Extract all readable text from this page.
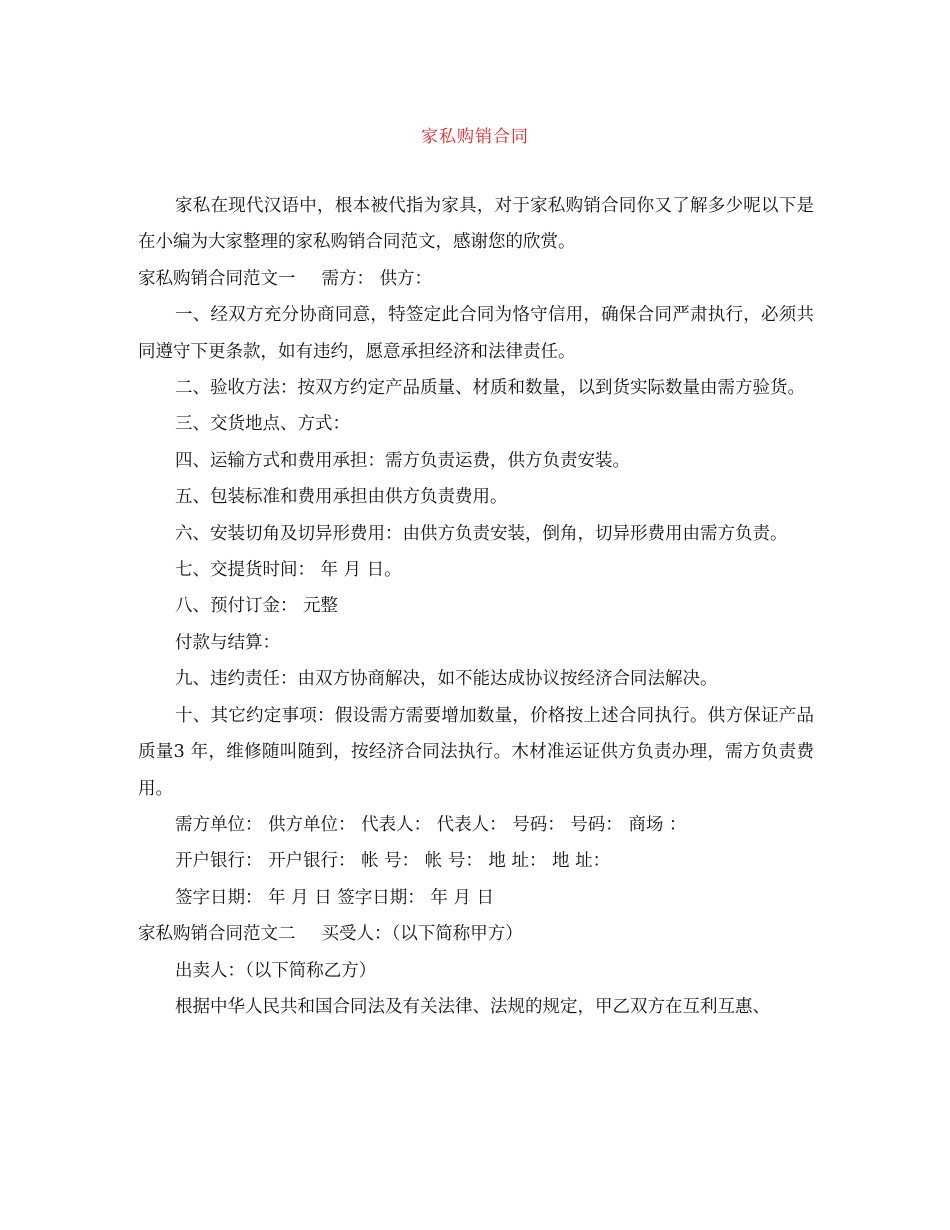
家私购销合同

家私在现代汉语中，根本被代指为家具，对于家私购销合同你又了解多少呢以下是在小编为大家整理的家私购销合同范文，感谢您的欣赏。

家私购销合同范文一 需方： 供方：

一、经双方充分协商同意，特签定此合同为恪守信用，确保合同严肃执行，必须共同遵守下更条款，如有违约，愿意承担经济和法律责任。

二、验收方法：按双方约定产品质量、材质和数量，以到货实际数量由需方验货。

三、交货地点、方式：

四、运输方式和费用承担：需方负责运费，供方负责安装。

五、包装标准和费用承担由供方负责费用。

六、安装切角及切异形费用：由供方负责安装，倒角，切异形费用由需方负责。

七、交提货时间： 年 月 日。

八、预付订金： 元整

付款与结算：

九、违约责任：由双方协商解决，如不能达成协议按经济合同法解决。

十、其它约定事项：假设需方需要增加数量，价格按上述合同执行。供方保证产品质量3 年，维修随叫随到，按经济合同法执行。木材准运证供方负责办理，需方负责费用。

需方单位： 供方单位： 代表人： 代表人： 号码： 号码： 商场 ：

开户银行： 开户银行： 帐 号： 帐 号： 地 址： 地 址：

签字日期： 年 月 日 签字日期： 年 月 日

家私购销合同范文二 买受人：（以下简称甲方）

出卖人：（以下简称乙方）

根据中华人民共和国合同法及有关法律、法规的规定，甲乙双方在互利互惠、
